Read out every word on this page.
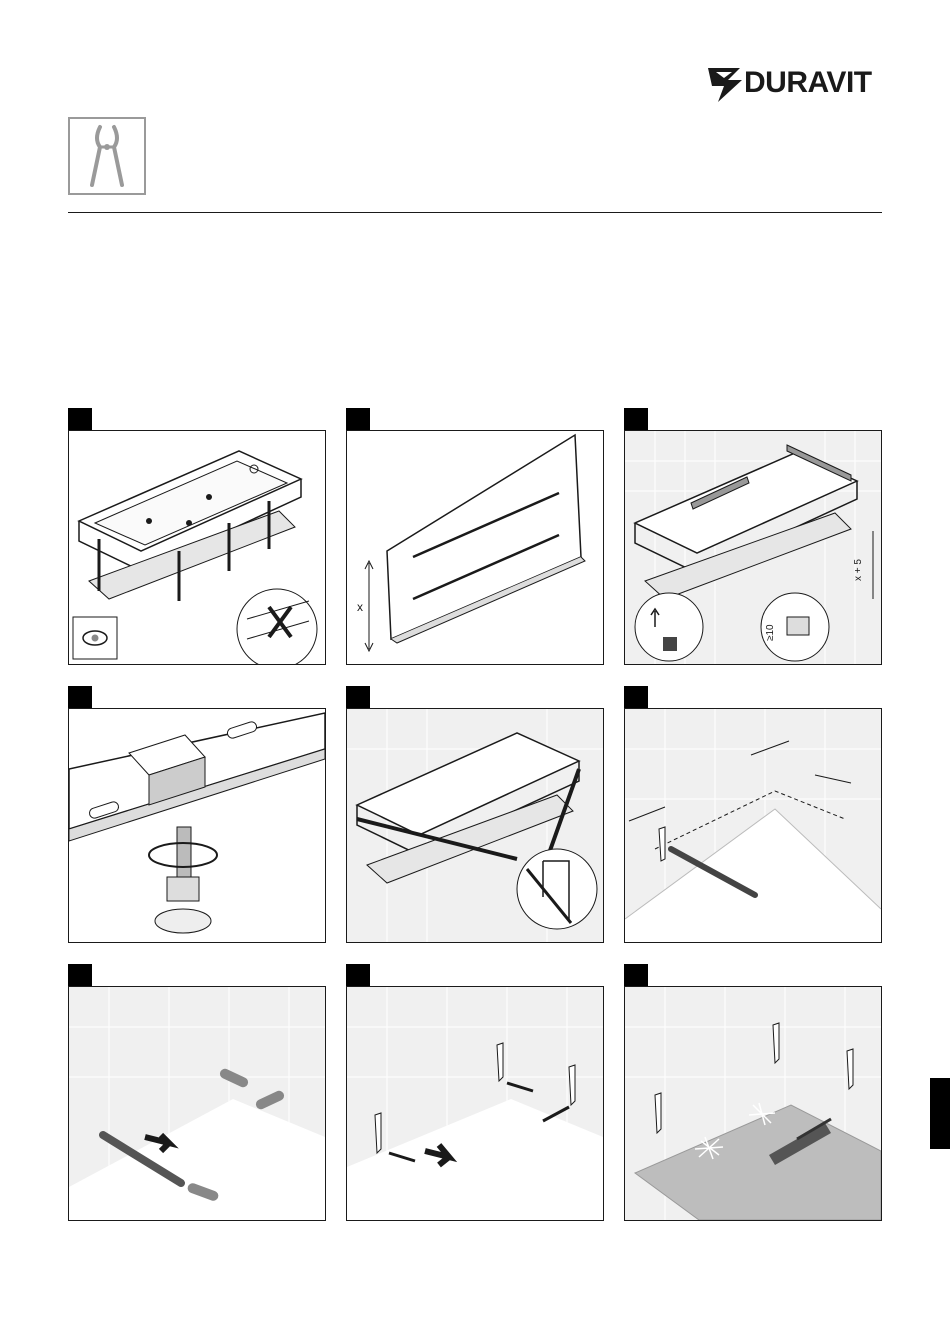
DURAVIT
x
x + 5
≥10
